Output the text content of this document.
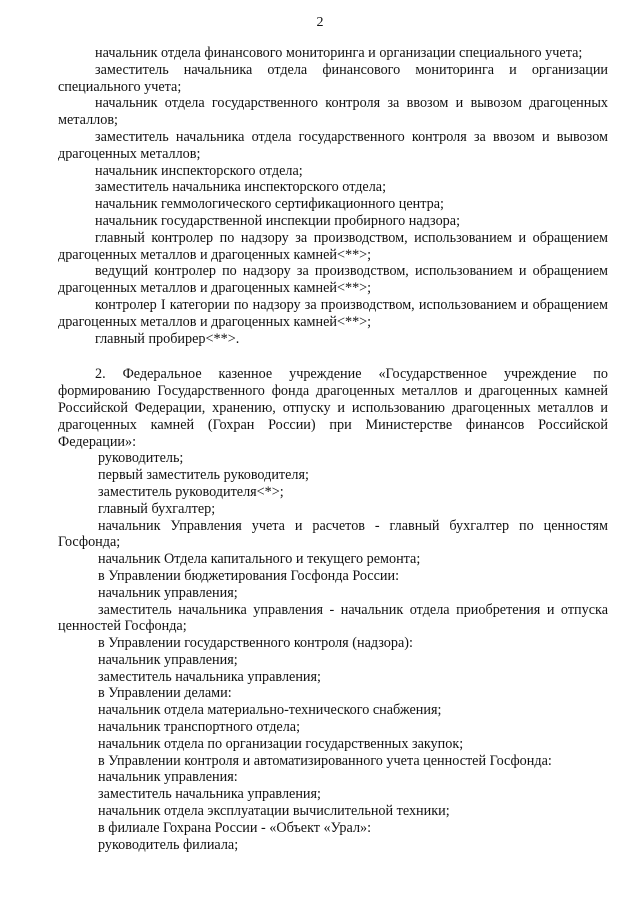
2

начальник отдела финансового мониторинга и организации специального учета;

заместитель начальника отдела финансового мониторинга и организации специального учета;

начальник отдела государственного контроля за ввозом и вывозом драгоценных металлов;

заместитель начальника отдела государственного контроля за ввозом и вывозом драгоценных металлов;

начальник инспекторского отдела;

заместитель начальника инспекторского отдела;

начальник геммологического сертификационного центра;

начальник государственной инспекции пробирного надзора;

главный контролер по надзору за производством, использованием и обращением драгоценных металлов и драгоценных камней<**>;

ведущий контролер по надзору за производством, использованием и обращением драгоценных металлов и драгоценных камней<**>;

контролер I категории по надзору за производством, использованием и обращением драгоценных металлов и драгоценных камней<**>;

главный пробирер<**>.

2. Федеральное казенное учреждение «Государственное учреждение по формированию Государственного фонда драгоценных металлов и драгоценных камней Российской Федерации, хранению, отпуску и использованию драгоценных металлов и драгоценных камней (Гохран России) при Министерстве финансов Российской Федерации»:

руководитель;

первый заместитель руководителя;

заместитель руководителя<*>;

главный бухгалтер;

начальник Управления учета и расчетов - главный бухгалтер по ценностям Госфонда;

начальник Отдела капитального и текущего ремонта;

в Управлении бюджетирования Госфонда России:

начальник управления;

заместитель начальника управления - начальник отдела приобретения и отпуска ценностей Госфонда;

в Управлении государственного контроля (надзора):

начальник управления;

заместитель начальника управления;

в Управлении делами:

начальник отдела материально-технического снабжения;

начальник транспортного отдела;

начальник отдела по организации государственных закупок;

в Управлении контроля и автоматизированного учета ценностей Госфонда:

начальник управления:

заместитель начальника управления;

начальник отдела эксплуатации вычислительной техники;

в филиале Гохрана России - «Объект «Урал»:

руководитель филиала;
